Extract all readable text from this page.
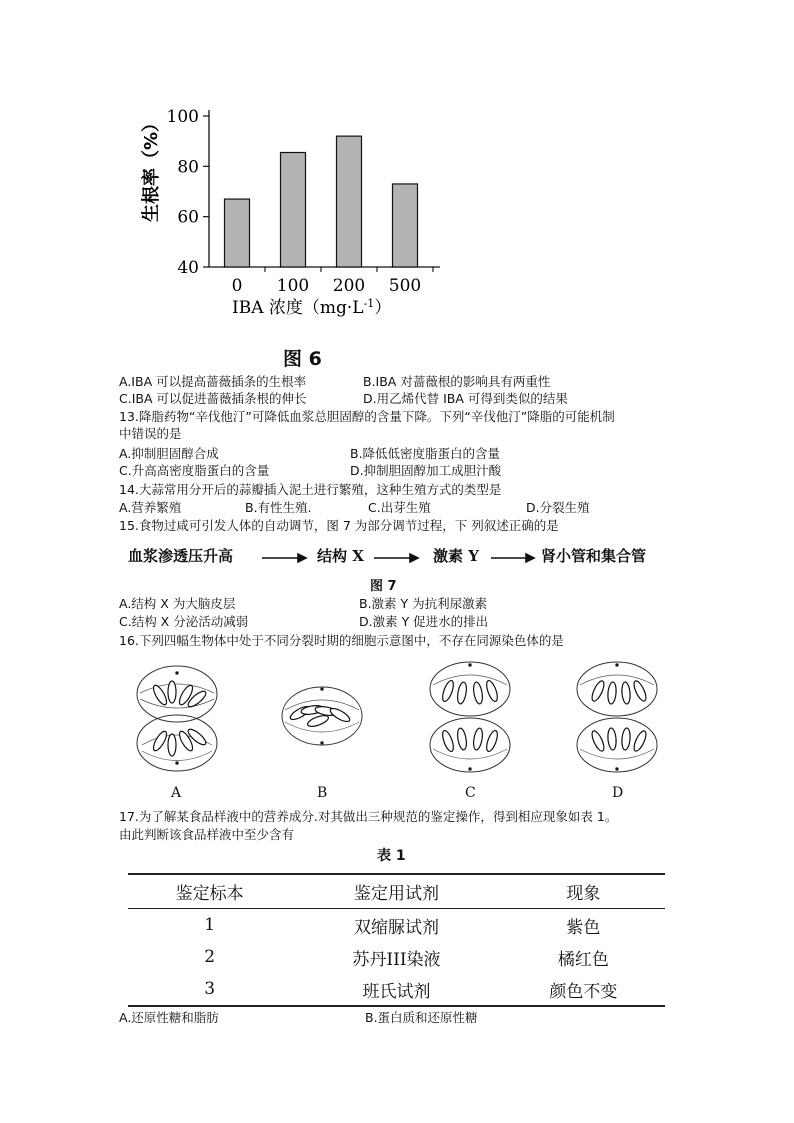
40
60
80
100
0 100 200 500
IBA 浓度$(mg\cdot L^{-1})$
生根率（%）
图 6
A.IBA 可以提高蔷薇插条的生根率	B.IBA 对蔷薇根的影响具有两重性
C.IBA 可以促进蔷薇插条根的伸长	D.用乙烯代替 IBA 可得到类似的结果
13.降脂药物“辛伐他汀”可降低血浆总胆固醇的含量下降。下列“辛伐他汀”降脂的可能机制
中错误的是
A.抑制胆固醇合成	B.降低低密度脂蛋白的含量
C.升高高密度脂蛋白的含量	D.抑制胆固醇加工成胆汁酸
14.大蒜常用分开后的蒜瓣插入泥土进行繁殖，这种生殖方式的类型是
A.营养繁殖	B.有性生殖.	C.出芽生殖	D.分裂生殖
15.食物过咸可引发人体的自动调节，图 7 为部分调节过程，下 列叙述正确的是
血浆渗透压升高	结构 X	激素 Y	肾小管和集合管
图 7
A.结构 X 为大脑皮层	B.激素 Y 为抗利尿激素
C.结构 X 分泌活动减弱	D.激素 Y 促进水的排出
16.下列四幅生物体中处于不同分裂时期的细胞示意图中，不存在同源染色体的是
A	B	C	D
17.为了解某食品样液中的营养成分.对其做出三种规范的鉴定操作，得到相应现象如表 1。
由此判断该食品样液中至少含有
表 1
鉴定标本	鉴定用试剂	现象
1	双缩脲试剂	紫色
2	苏丹III染液	橘红色
3	班氏试剂	颜色不变
A.还原性糖和脂肪	B.蛋白质和还原性糖
